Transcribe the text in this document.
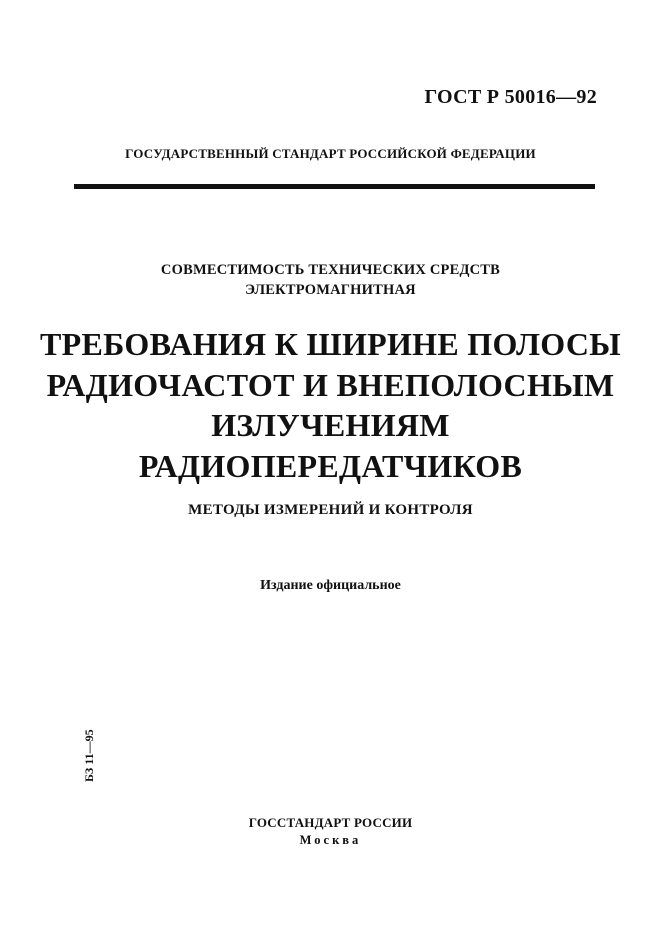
ГОСТ Р 50016—92

ГОСУДАРСТВЕННЫЙ СТАНДАРТ РОССИЙСКОЙ ФЕДЕРАЦИИ

СОВМЕСТИМОСТЬ ТЕХНИЧЕСКИХ СРЕДСТВ

ЭЛЕКТРОМАГНИТНАЯ

ТРЕБОВАНИЯ К ШИРИНЕ ПОЛОСЫ

РАДИОЧАСТОТ И ВНЕПОЛОСНЫМ

ИЗЛУЧЕНИЯМ

РАДИОПЕРЕДАТЧИКОВ

МЕТОДЫ ИЗМЕРЕНИЙ И КОНТРОЛЯ

Издание официальное

БЗ 11—95

ГОССТАНДАРТ РОССИИ

Москва
